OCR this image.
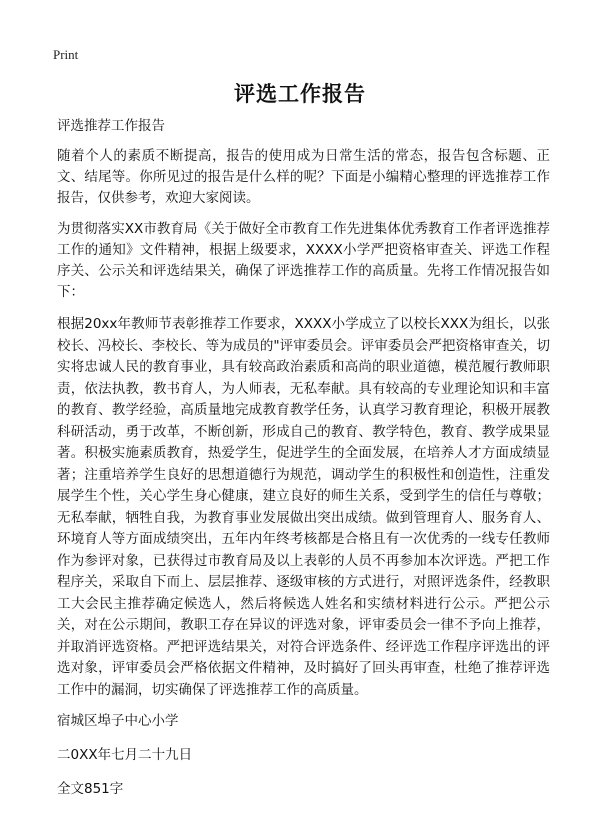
Print
评选工作报告

评选推荐工作报告

随着个人的素质不断提高，报告的使用成为日常生活的常态，报告包含标题、正文、结尾等。你所见过的报告是什么样的呢？下面是小编精心整理的评选推荐工作报告，仅供参考，欢迎大家阅读。

为贯彻落实XX市教育局《关于做好全市教育工作先进集体优秀教育工作者评选推荐工作的通知》文件精神，根据上级要求，XXXX小学严把资格审查关、评选工作程序关、公示关和评选结果关，确保了评选推荐工作的高质量。先将工作情况报告如下：

根据20xx年教师节表彰推荐工作要求，XXXX小学成立了以校长XXX为组长，以张校长、冯校长、李校长、等为成员的"评审委员会。评审委员会严把资格审查关，切实将忠诚人民的教育事业，具有较高政治素质和高尚的职业道德，模范履行教师职责，依法执教，教书育人，为人师表，无私奉献。具有较高的专业理论知识和丰富的教育、教学经验，高质量地完成教育教学任务，认真学习教育理论，积极开展教科研活动，勇于改革，不断创新，形成自己的教育、教学特色，教育、教学成果显著。积极实施素质教育，热爱学生，促进学生的全面发展，在培养人才方面成绩显著；注重培养学生良好的思想道德行为规范，调动学生的积极性和创造性，注重发展学生个性，关心学生身心健康，建立良好的师生关系，受到学生的信任与尊敬；无私奉献，牺牲自我，为教育事业发展做出突出成绩。做到管理育人、服务育人、环境育人等方面成绩突出，五年内年终考核都是合格且有一次优秀的一线专任教师作为参评对象，已获得过市教育局及以上表彰的人员不再参加本次评选。严把工作程序关，采取自下而上、层层推荐、逐级审核的方式进行，对照评选条件，经教职工大会民主推荐确定候选人，然后将候选人姓名和实绩材料进行公示。严把公示关，对在公示期间，教职工存在异议的评选对象，评审委员会一律不予向上推荐，并取消评选资格。严把评选结果关，对符合评选条件、经评选工作程序评选出的评选对象，评审委员会严格依据文件精神，及时搞好了回头再审查，杜绝了推荐评选工作中的漏洞，切实确保了评选推荐工作的高质量。

宿城区埠子中心小学

二0XX年七月二十九日

全文851字
